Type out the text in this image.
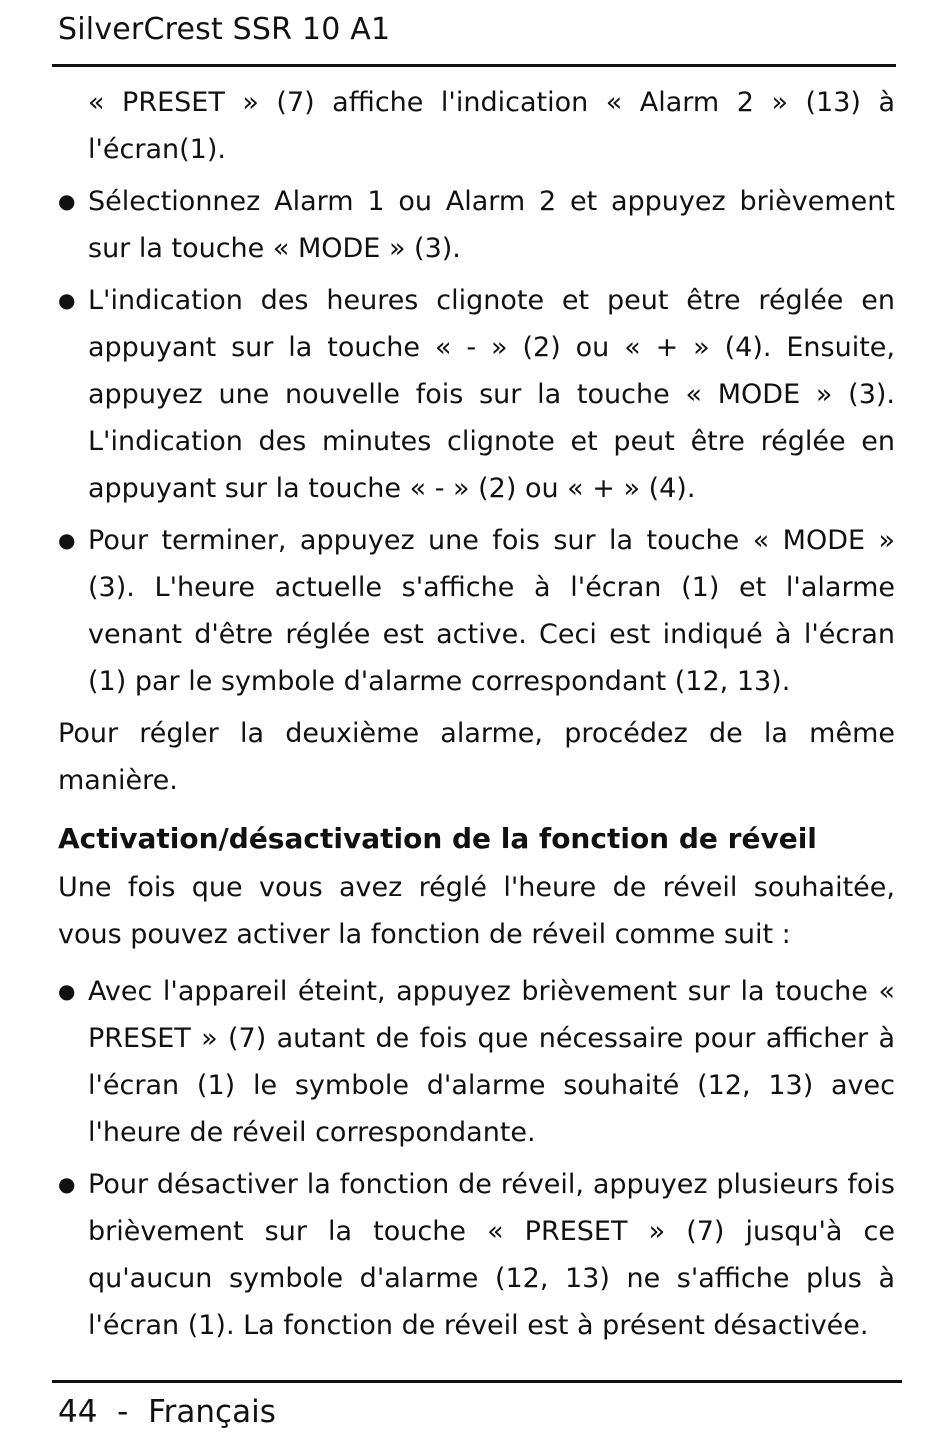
SilverCrest SSR 10 A1
« PRESET » (7) affiche l'indication « Alarm 2 » (13) à l'écran(1).
● Sélectionnez Alarm 1 ou Alarm 2 et appuyez brièvement sur la touche « MODE » (3).
● L'indication des heures clignote et peut être réglée en appuyant sur la touche « - » (2) ou « + » (4). Ensuite, appuyez une nouvelle fois sur la touche « MODE » (3). L'indication des minutes clignote et peut être réglée en appuyant sur la touche « - » (2) ou « + » (4).
● Pour terminer, appuyez une fois sur la touche « MODE » (3). L'heure actuelle s'affiche à l'écran (1) et l'alarme venant d'être réglée est active. Ceci est indiqué à l'écran (1) par le symbole d'alarme correspondant (12, 13).

Pour régler la deuxième alarme, procédez de la même manière.

Activation/désactivation de la fonction de réveil

Une fois que vous avez réglé l'heure de réveil souhaitée, vous pouvez activer la fonction de réveil comme suit :

● Avec l'appareil éteint, appuyez brièvement sur la touche « PRESET » (7) autant de fois que nécessaire pour afficher à l'écran (1) le symbole d'alarme souhaité (12, 13) avec l'heure de réveil correspondante.
● Pour désactiver la fonction de réveil, appuyez plusieurs fois brièvement sur la touche « PRESET » (7) jusqu'à ce qu'aucun symbole d'alarme (12, 13) ne s'affiche plus à l'écran (1). La fonction de réveil est à présent désactivée.
44 - Français
